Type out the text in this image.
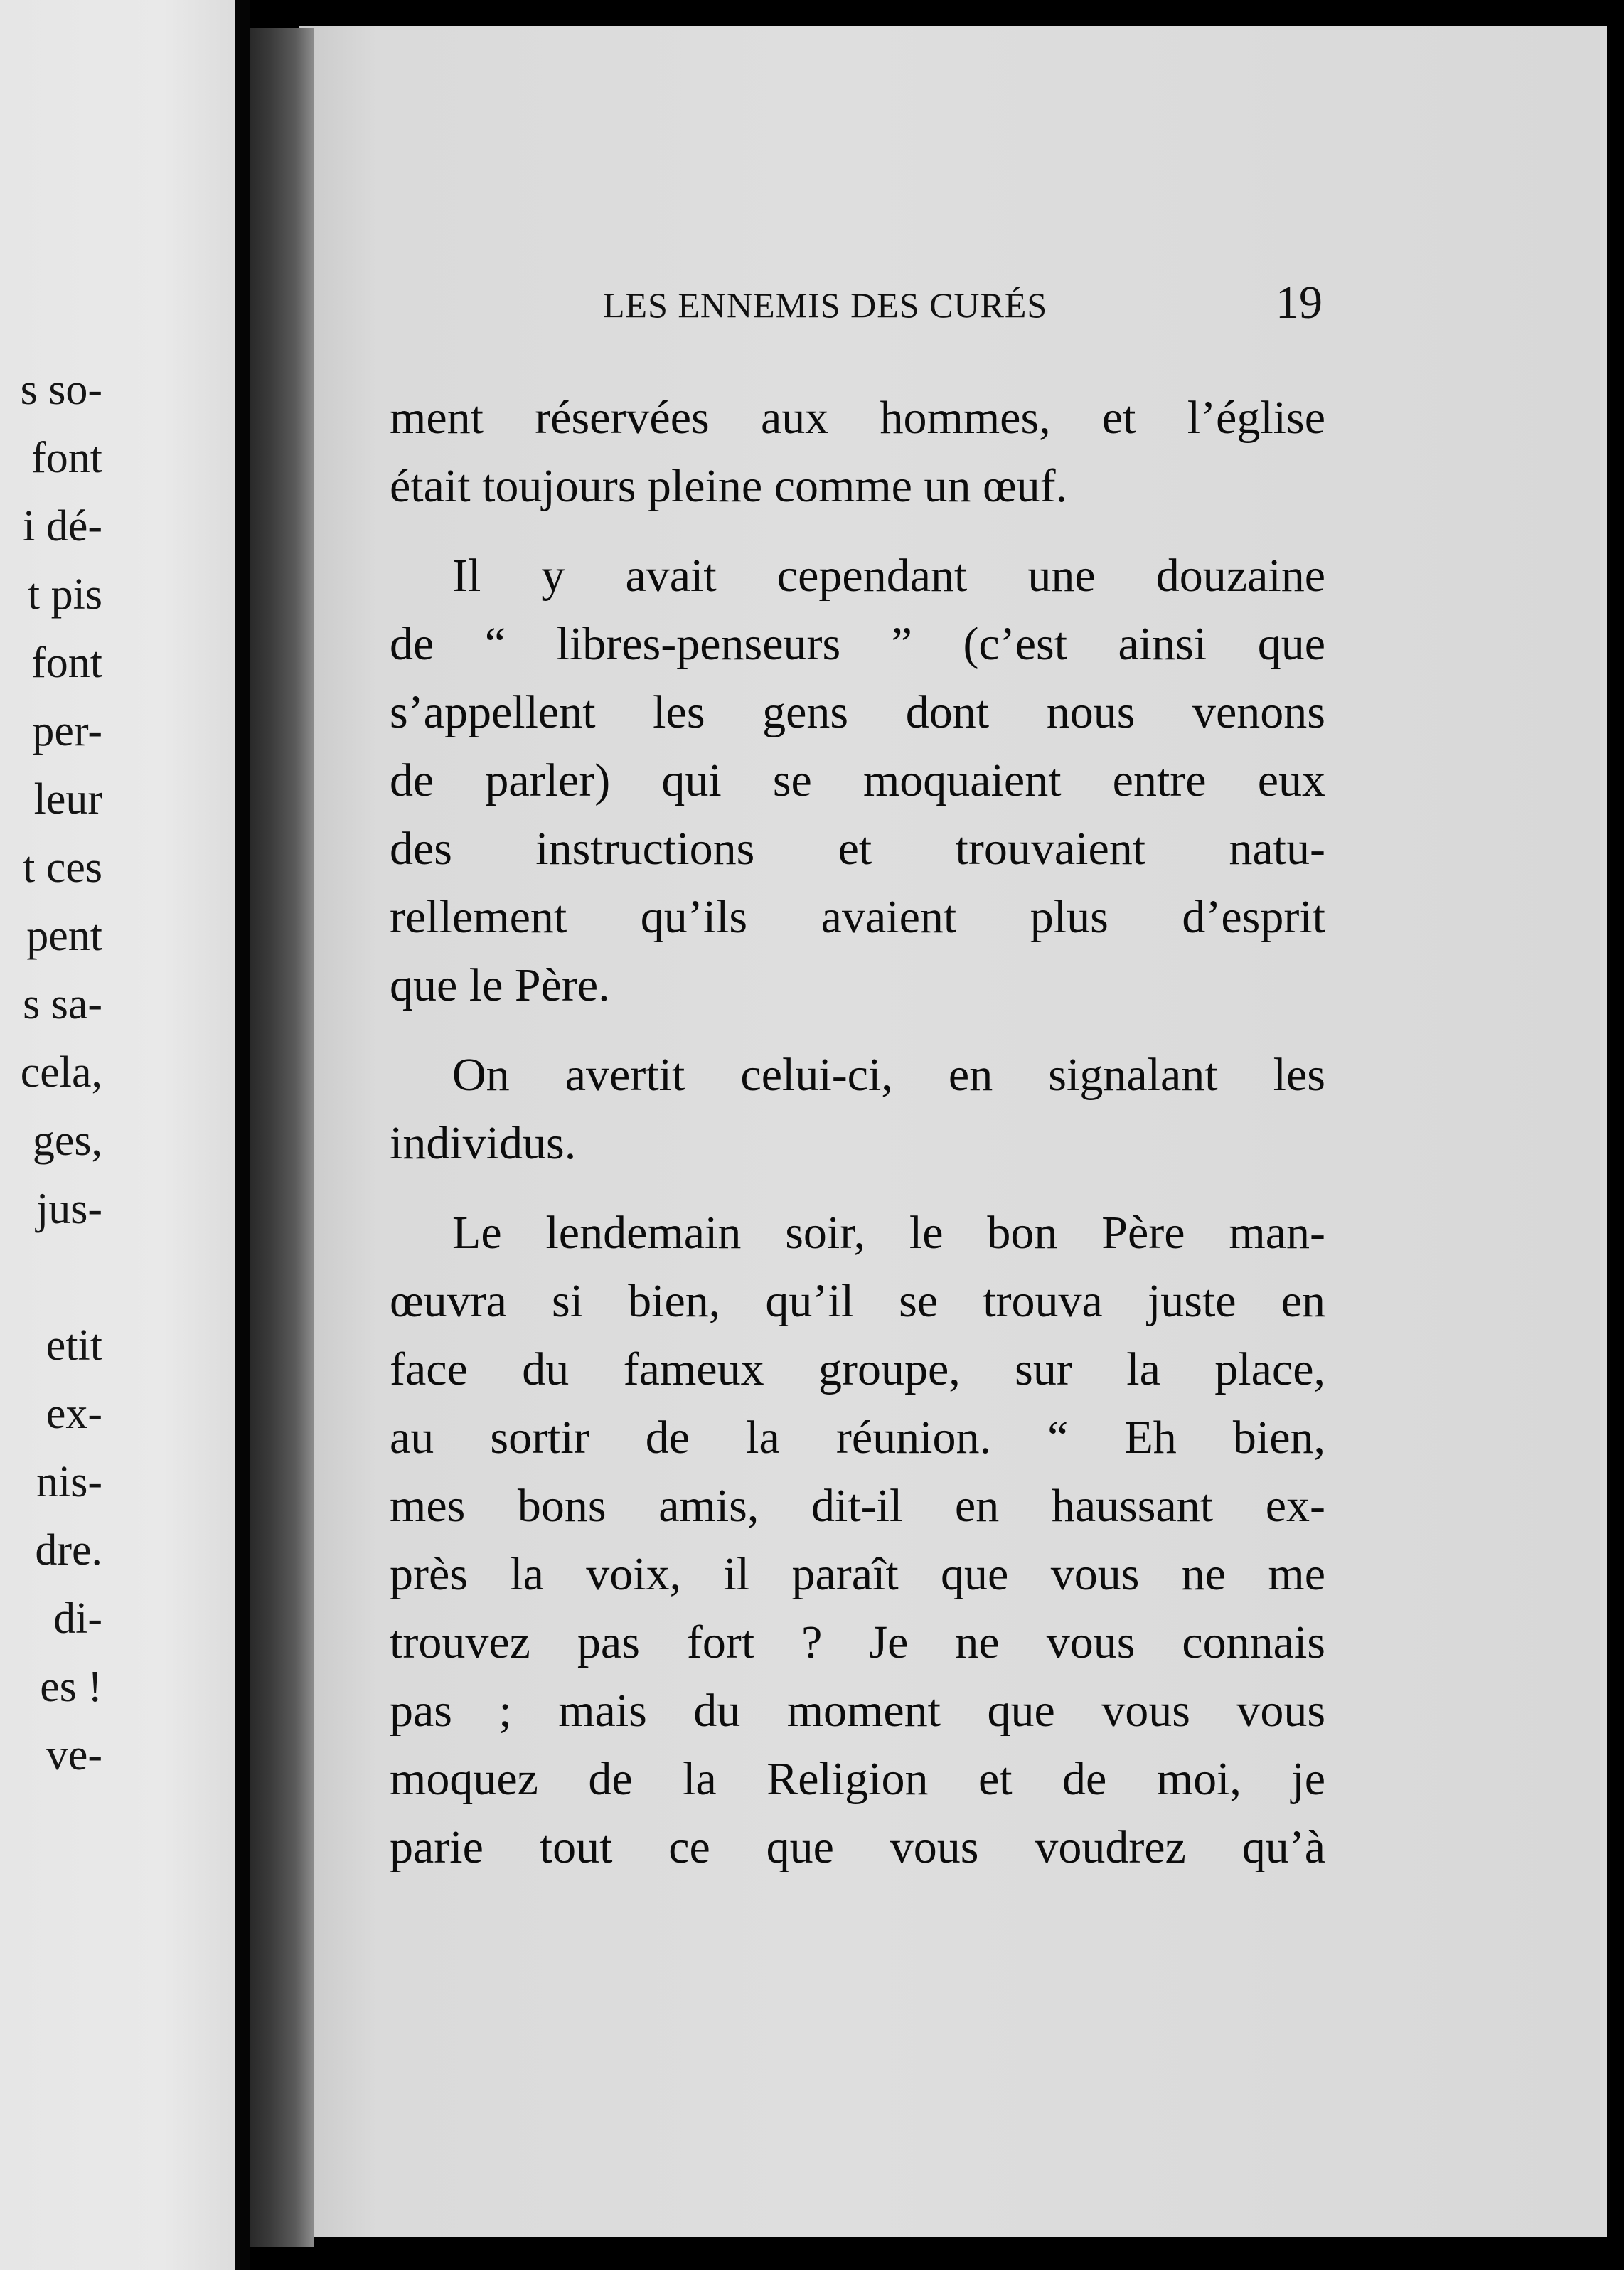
s so-
font
i dé-
t pis
font
per-
leur
t ces
pent
s sa-
cela,
ges,
jus-
etit
ex-
nis-
dre.
di-
es !
ve-
LES ENNEMIS DES CURÉS	19
ment réservées aux hommes, et l’église
était toujours pleine comme un œuf.
Il y avait cependant une douzaine
de “ libres-penseurs ” (c’est ainsi que
s’appellent les gens dont nous venons
de parler) qui se moquaient entre eux
des instructions et trouvaient natu-
rellement qu’ils avaient plus d’esprit
que le Père.
On avertit celui-ci, en signalant les
individus.
Le lendemain soir, le bon Père man-
œuvra si bien, qu’il se trouva juste en
face du fameux groupe, sur la place,
au sortir de la réunion. “ Eh bien,
mes bons amis, dit-il en haussant ex-
près la voix, il paraît que vous ne me
trouvez pas fort ? Je ne vous connais
pas ; mais du moment que vous vous
moquez de la Religion et de moi, je
parie tout ce que vous voudrez qu’à
